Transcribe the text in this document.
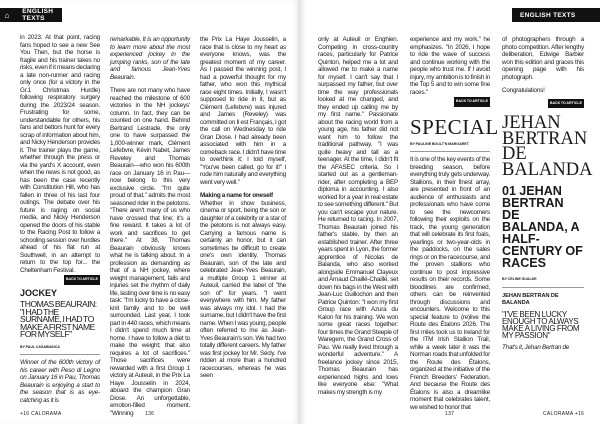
⌂	ENGLISH TEXTS

in 2023. At that point, racing fans hoped to see a new See You Then, but the horse is fragile and his trainer takes no risks, even if it means declaring a late non-runner and racing only once (for a victory in the Gr.1 Christmas Hurdle) following respiratory surgery during the 2023/24 season. Frustrating for some, understandable for others, his fans and bettors hunt for every scrap of information about him, and Nicky Henderson provides it. The trainer plays the game, whether through the press or via the yard's X account, even when the news is not good, as has been the case recently with Constitution Hill, who has fallen in three of his last four outings. The debate over his future is raging on social media, and Nicky Henderson opened the doors of his stable to the Racing Post to follow a schooling session over hurdles ahead of his flat run at Southwell, in an attempt to return to the top for... the Cheltenham Festival.

BACK TO ARTICLE
JOCKEY
THOMAS BEAURAIN: "I HAD THE SURNAME, I HAD TO MAKE A FIRST NAME FOR MYSELF"
BY PAUL CASABIANCA

Winner of the 600th victory of his career with Peso di Legno on January 16 in Pau, Thomas Beaurain is enjoying a start to the season that is as eye-catching as it is

remarkable. It is an opportunity to learn more about the most experienced jockey in the jumping ranks, son of the late and famous Jean-Yves Beaurain.

There are not many who have reached the milestone of 600 victories in the NH jockeys' column. In fact, they can be counted on one hand. Behind Bertrand Lestrade, the only one to have surpassed the 1,000-winner mark, Clément Lefebvre, Kévin Nabet, James Reveley and Thomas Beaurain—who won his 600th race on January 16 in Pau—now belong to this very exclusive circle. "I'm quite proud of that," admits the most seasoned rider in the pelotons. "There aren't many of us who have crossed that line; it's a fine reward. It takes a lot of work and sacrifices to get there." At 38, Thomas Beaurain obviously knows what he is talking about. In a profession as demanding as that of a NH jockey, where weight management, falls and injuries set the rhythm of daily life, lasting over time is no easy task: "I'm lucky to have a close-knit family and to be well surrounded. Last year, I took part in 440 races, which means I didn't spend much time at home. I have to follow a diet to make the weight; that also requires a lot of sacrifices." Those sacrifices were rewarded with a first Group 1 victory at Auteuil, in the Prix La Haye Jousselin in 2024, aboard the champion Gran Diose. An unforgettable, emotion-filled moment. "Winning

the Prix La Haye Jousselin, a race that is close to my heart as everyone knows, was the greatest moment of my career. As I passed the winning post, I had a powerful thought for my father, who won this mythical race eight times. Initially, I wasn't supposed to ride in it, but as Clément (Lefebvre) was injured and James (Reveley) was committed on Il est Français, I got the call on Wednesday to ride Gran Diose. I had already been associated with him in a comeback race. I didn't have time to overthink it; I told myself, "You've been called, go for it!" I rode him naturally and everything went very well."

Making a name for oneself

Whether in show business, cinema or sport, being the son or daughter of a celebrity or a star of the pelotons is not always easy. Carrying a famous name is certainly an honor, but it can sometimes be difficult to create one's own identity. Thomas Beaurain, son of the late and celebrated Jean-Yves Beaurain, a multiple Group 1 winner at Auteuil, carried the label of "the son of" for years. "I went everywhere with him. My father was always my idol. I had the surname, but I didn't have the first name. When I was young, people often referred to me as Jean-Yves Beaurain's son. We had two totally different careers. My father was first jockey for Mr. Sécly. I've ridden at more than a hundred racecourses, whereas he was seen

+16 CALORAMA	136
ENGLISH TEXTS

only at Auteuil or Enghien. Competing in cross-country races, particularly for Patrice Quinton, helped me a lot and allowed me to make a name for myself. I can't say that I surpassed my father, but over time the way professionals looked at me changed, and they ended up calling me by my first name." Passionate about the racing world from a young age, his father did not want him to follow the traditional pathway. "I was quite heavy and tall as a teenager. At the time, I didn't fit the AFASEC criteria. So I started out as a gentleman-rider, after completing a BEP diploma in accounting. I also worked for a year in real estate to see something different." But you can't escape your nature. He returned to racing. In 2007, Thomas Beaurain joined his father's stable, by then an established trainer. After three years spent in Lyon, the former apprentice of Nicolas de Balanda, who also worked alongside Emmanuel Clayeux and Arnaud Chaillé-Chaillé, set down his bags in the West with Jean-Luc Guillochon and then Patrice Quinton: "I won my first Group race with Azura du Kalon for his training. We won some great races together: four times the Grand Steeple of Waregem, the Grand Cross of Pau. We really lived through a wonderful adventure." A freelance jockey since 2015, Thomas Beaurain has experienced highs and lows like everyone else: "What makes my strength is my

experience and my work," he emphasizes. "In 2026, I hope to ride the wave of success and continue working with the people who trust me. If I avoid injury, my ambition is to finish in the Top 5 and to win some fine races."

BACK TO ARTICLE
SPECIAL
BY PAULINE BOULT'N MARGARET

It is one of the key events of the breeding season, before everything truly gets underway. Stallions, in their finest array, are presented in front of an audience of enthusiasts and professionals who have come to see the newcomers following their exploits on the track, the young generation that will celebrate its first foals, yearlings or two-year-olds in the paddocks, on the sales rings or on the racecourse, and the proven stallions who continue to post impressive results on their records. Some bloodlines are confirmed, others can be reinvented through discussions and encounters. Welcome to this special feature to (re)live the Route des Étalons 2026. The first miles took us to Ireland for the ITM Irish Stallion Trail, while a week later it was the Norman roads that unfolded for the Route des Étalons, organized at the initiative of the French Breeders' Federation. And because the Route des Étalons is also a dreamlike moment that celebrates talent, we wished to honor that

of photographers through a photo competition. After lengthy deliberation, Edwige Barbier won this edition and graces this opening page with his photograph.

Congratulations!

BACK TO ARTICLE
JEHAN BERTRAN DE BALANDA
01 JEHAN BERTRAN DE BALANDA, A HALF-CENTURY OF RACES
BY CÉLINE GUALDE
JEHAN BERTRAN DE BALANDA
"I'VE BEEN LUCKY ENOUGH TO ALWAYS MAKE A LIVING FROM MY PASSION"

That's it, Jehan Bertran de

137	CALORAMA +16
